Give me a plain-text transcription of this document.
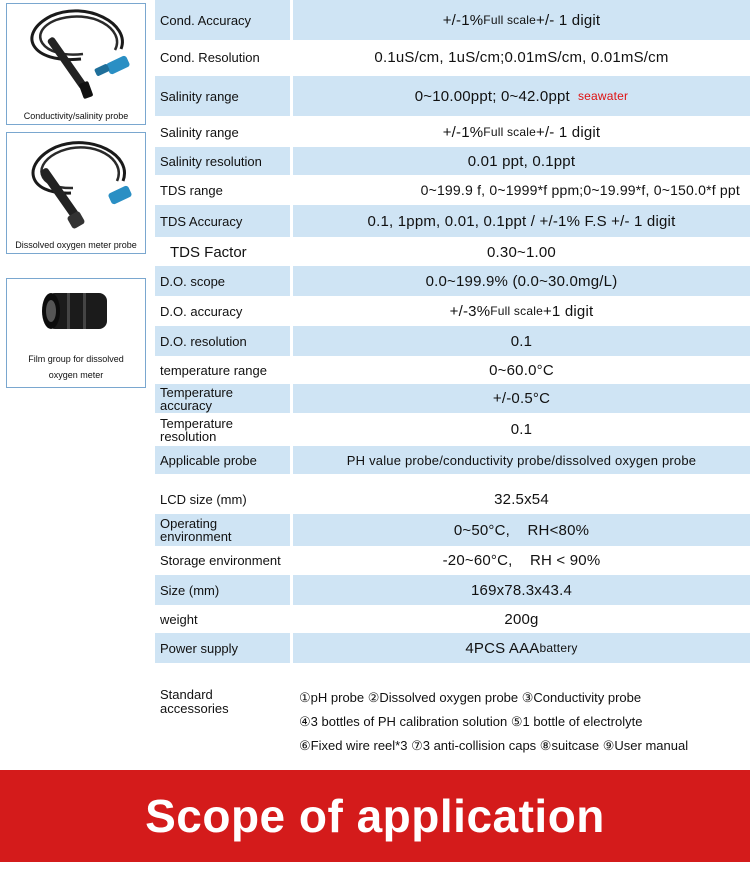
Conductivity/salinity probe
Dissolved oxygen meter probe
Film group for dissolved
oxygen meter
Cond. Accuracy	+/-1% Full scale +/- 1 digit
Cond. Resolution	0.1uS/cm, 1uS/cm;0.01mS/cm, 0.01mS/cm
Salinity range	0~10.00ppt; 0~42.0ppt seawater
Salinity range	+/-1% Full scale +/- 1 digit
Salinity resolution	0.01 ppt, 0.1ppt
TDS range	0~199.9 f, 0~1999*f ppm;0~19.99*f, 0~150.0*f ppt
TDS Accuracy	0.1, 1ppm, 0.01, 0.1ppt / +/-1% F.S +/- 1 digit
TDS Factor	0.30~1.00
D.O. scope	0.0~199.9% (0.0~30.0mg/L)
D.O. accuracy	+/-3% Full scale +1 digit
D.O. resolution	0.1
temperature range	0~60.0°C
Temperature
accuracy	+/-0.5°C
Temperature
resolution	0.1
Applicable probe	PH value probe/conductivity probe/dissolved oxygen probe
LCD size (mm)	32.5x54
Operating
environment	0~50°C,    RH<80%
Storage environment	-20~60°C,    RH < 90%
Size (mm)	169x78.3x43.4
weight	200g
Power supply	4PCS AAA battery
Standard
accessories
①pH probe ②Dissolved oxygen probe ③Conductivity probe
④3 bottles of PH calibration solution ⑤1 bottle of electrolyte
⑥Fixed wire reel*3 ⑦3 anti-collision caps ⑧suitcase ⑨User manual
Scope of application
